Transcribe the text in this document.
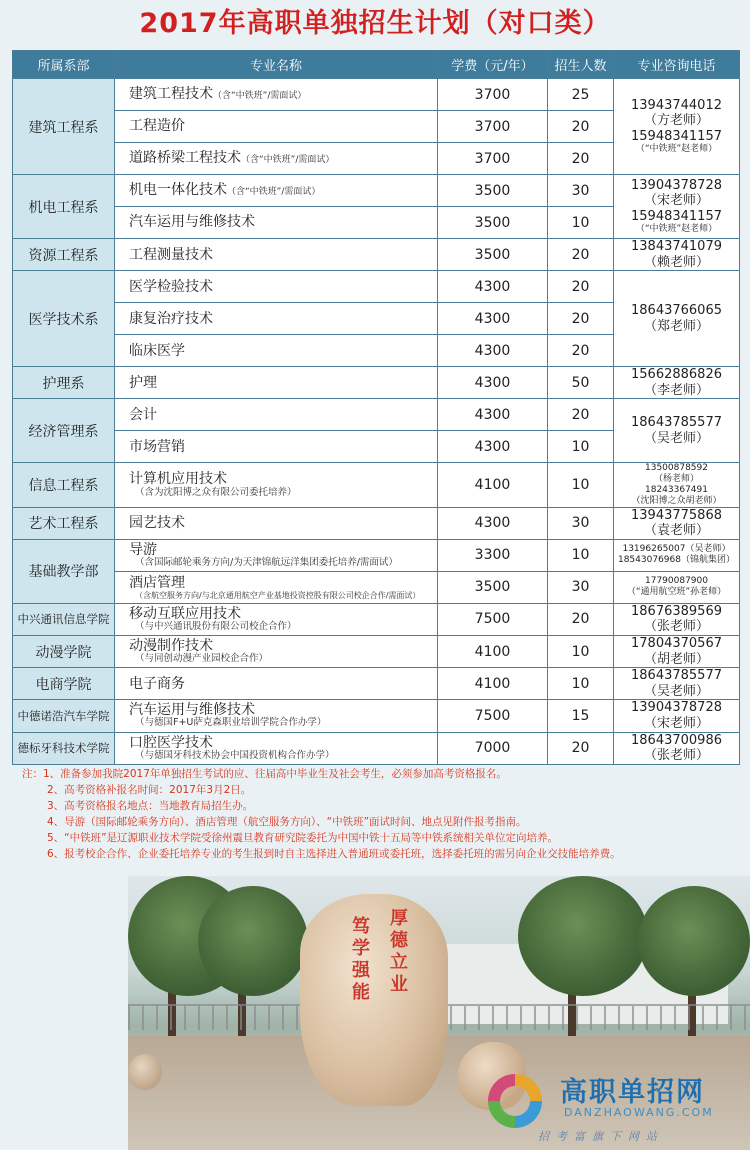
2017年高职单独招生计划（对口类）
所属系部	专业名称	学费（元/年）	招生人数	专业咨询电话
建筑工程系	建筑工程技术（含“中铁班”/需面试）	3700	25	13943744012
（方老师）
15948341157
（“中铁班”赵老师）

	工程造价	3700	20	
	道路桥梁工程技术（含“中铁班”/需面试）	3700	20	
机电工程系	机电一体化技术（含“中铁班”/需面试）	3500	30	13904378728
（宋老师）
15948341157
（“中铁班”赵老师）

	汽车运用与维修技术	3500	10	
资源工程系	工程测量技术	3500	20	13843741079
（赖老师）

医学技术系	医学检验技术	4300	20	18643766065
（郑老师）

	康复治疗技术	4300	20	
	临床医学	4300	20	
护理系	护理	4300	50	15662886826
（李老师）

经济管理系	会计	4300	20	18643785577
（吴老师）

	市场营销	4300	10	
信息工程系	计算机应用技术
（含为沈阳博之众有限公司委托培养）	4100	10	13500878592
（杨老师）
18243367491
（沈阳博之众胡老师）

艺术工程系	园艺技术	4300	30	13943775868
（袁老师）

基础教学部	导游
（含国际邮轮乘务方向/为天津锦航远洋集团委托培养/需面试）	3300	10	13196265007（吴老师）
18543076968（锦航集团）

	酒店管理
（含航空服务方向/与北京通用航空产业基地投资控股有限公司校企合作/需面试）	3500	30	17790087900
（“通用航空班”孙老师）

中兴通讯信息学院	移动互联应用技术
（与中兴通讯股份有限公司校企合作）	7500	20	18676389569
（张老师）

动漫学院	动漫制作技术
（与同创动漫产业园校企合作）	4100	10	17804370567
（胡老师）

电商学院	电子商务	4100	10	18643785577
（吴老师）

中德诺浩汽车学院	汽车运用与维修技术
（与德国F+U萨克森职业培训学院合作办学）	7500	15	13904378728
（宋老师）

德标牙科技术学院	口腔医学技术
（与德国牙科技术协会中国投资机构合作办学）	7000	20	18643700986
（张老师）
注：1、准备参加我院2017年单独招生考试的应、往届高中毕业生及社会考生，必须参加高考资格报名。
2、高考资格补报名时间：2017年3月2日。
3、高考资格报名地点：当地教育局招生办。
4、导游（国际邮轮乘务方向）、酒店管理（航空服务方向）、“中铁班”面试时间、地点见附件报考指南。
5、“中铁班”是辽源职业技术学院受徐州震旦教育研究院委托为中国中铁十五局等中铁系统相关单位定向培养。
6、报考校企合作、企业委托培养专业的考生报到时自主选择进入普通班或委托班，选择委托班的需另向企业交技能培养费。
笃学强能 厚德立业
高职单招网
DANZHAOWANG.COM
招考富旗下网站
